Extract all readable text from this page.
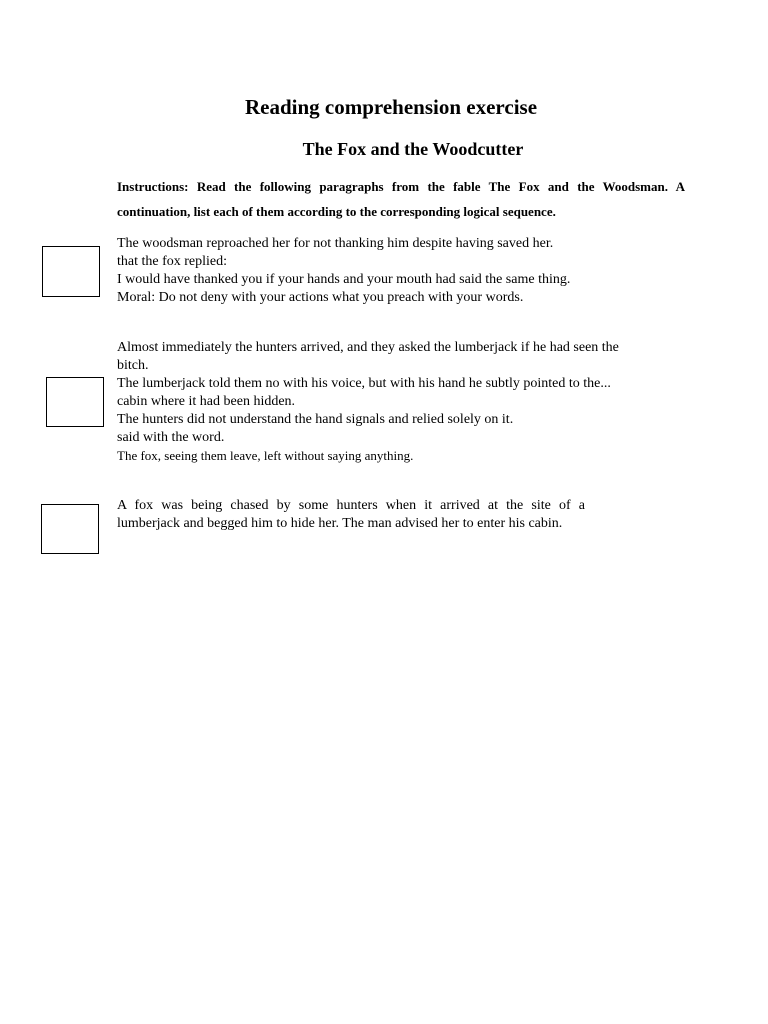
Reading comprehension exercise
The Fox and the Woodcutter

Instructions: Read the following paragraphs from the fable The Fox and the Woodsman. A continuation, list each of them according to the corresponding logical sequence.

The woodsman reproached her for not thanking him despite having saved her.
that the fox replied:
I would have thanked you if your hands and your mouth had said the same thing.
Moral: Do not deny with your actions what you preach with your words.
Almost immediately the hunters arrived, and they asked the lumberjack if he had seen the
bitch.
The lumberjack told them no with his voice, but with his hand he subtly pointed to the...
cabin where it had been hidden.
The hunters did not understand the hand signals and relied solely on it.
said with the word.
The fox, seeing them leave, left without saying anything.
A fox was being chased by some hunters when it arrived at the site of a
lumberjack and begged him to hide her. The man advised her to enter his cabin.
